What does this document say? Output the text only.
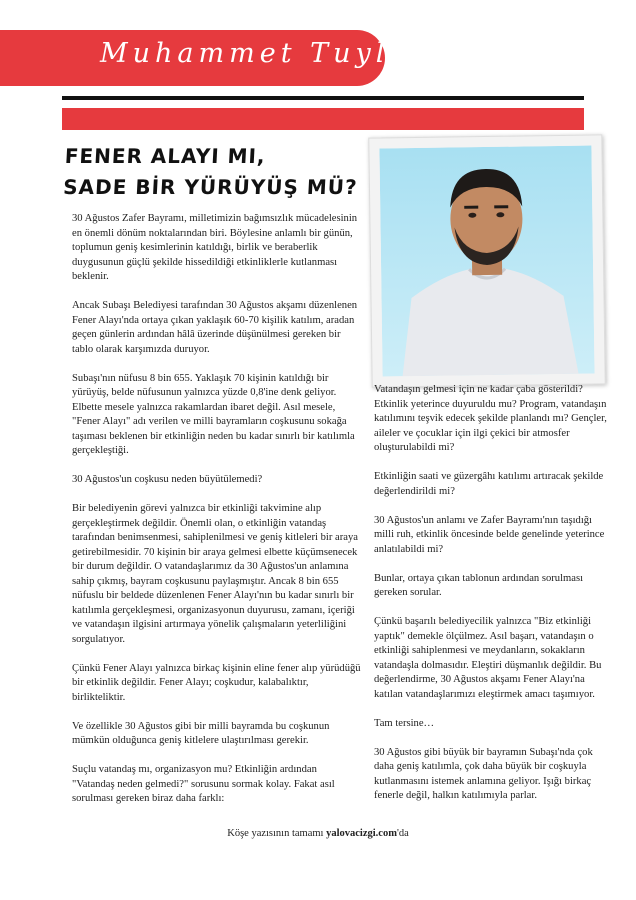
Muhammet Tuyli
FENER ALAYI MI,
SADE BİR YÜRÜYÜŞ MÜ?

30 Ağustos Zafer Bayramı, milletimizin bağımsızlık mücadelesinin en önemli dönüm noktalarından biri. Böylesine anlamlı bir günün, toplumun geniş kesimlerinin katıldığı, birlik ve beraberlik duygusunun güçlü şekilde hissedildiği etkinliklerle kutlanması beklenir.

Ancak Subaşı Belediyesi tarafından 30 Ağustos akşamı düzenlenen Fener Alayı'nda ortaya çıkan yaklaşık 60-70 kişilik katılım, aradan geçen günlerin ardından hâlâ üzerinde düşünülmesi gereken bir tablo olarak karşımızda duruyor.

Subaşı'nın nüfusu 8 bin 655. Yaklaşık 70 kişinin katıldığı bir yürüyüş, belde nüfusunun yalnızca yüzde 0,8'ine denk geliyor. Elbette mesele yalnızca rakamlardan ibaret değil. Asıl mesele, "Fener Alayı" adı verilen ve milli bayramların coşkusunu sokağa taşıması beklenen bir etkinliğin neden bu kadar sınırlı bir katılımla gerçekleştiği.

30 Ağustos'un coşkusu neden büyütülemedi?

Bir belediyenin görevi yalnızca bir etkinliği takvimine alıp gerçekleştirmek değildir. Önemli olan, o etkinliğin vatandaş tarafından benimsenmesi, sahiplenilmesi ve geniş kitleleri bir araya getirebilmesidir. 70 kişinin bir araya gelmesi elbette küçümsenecek bir durum değildir. O vatandaşlarımız da 30 Ağustos'un anlamına sahip çıkmış, bayram coşkusunu paylaşmıştır. Ancak 8 bin 655 nüfuslu bir beldede düzenlenen Fener Alayı'nın bu kadar sınırlı bir katılımla gerçekleşmesi, organizasyonun duyurusu, zamanı, içeriği ve vatandaşın ilgisini artırmaya yönelik çalışmaların yeterliliğini sorgulatıyor.

Çünkü Fener Alayı yalnızca birkaç kişinin eline fener alıp yürüdüğü bir etkinlik değildir. Fener Alayı; coşkudur, kalabalıktır, birlikteliktir.

Ve özellikle 30 Ağustos gibi bir milli bayramda bu coşkunun mümkün olduğunca geniş kitlelere ulaştırılması gerekir.

Suçlu vatandaş mı, organizasyon mu? Etkinliğin ardından "Vatandaş neden gelmedi?" sorusunu sormak kolay. Fakat asıl sorulması gereken biraz daha farklı:

Vatandaşın gelmesi için ne kadar çaba gösterildi? Etkinlik yeterince duyuruldu mu? Program, vatandaşın katılımını teşvik edecek şekilde planlandı mı? Gençler, aileler ve çocuklar için ilgi çekici bir atmosfer oluşturulabildi mi?

Etkinliğin saati ve güzergâhı katılımı artıracak şekilde değerlendirildi mi?

30 Ağustos'un anlamı ve Zafer Bayramı'nın taşıdığı milli ruh, etkinlik öncesinde belde genelinde yeterince anlatılabildi mi?

Bunlar, ortaya çıkan tablonun ardından sorulması gereken sorular.

Çünkü başarılı belediyecilik yalnızca "Biz etkinliği yaptık" demekle ölçülmez. Asıl başarı, vatandaşın o etkinliği sahiplenmesi ve meydanların, sokakların vatandaşla dolmasıdır. Eleştiri düşmanlık değildir. Bu değerlendirme, 30 Ağustos akşamı Fener Alayı'na katılan vatandaşlarımızı eleştirmek amacı taşımıyor.

Tam tersine…

30 Ağustos gibi büyük bir bayramın Subaşı'nda çok daha geniş katılımla, çok daha büyük bir coşkuyla kutlanmasını istemek anlamına geliyor. Işığı birkaç fenerle değil, halkın katılımıyla parlar.

Köşe yazısının tamamı yalovacizgi.com'da
